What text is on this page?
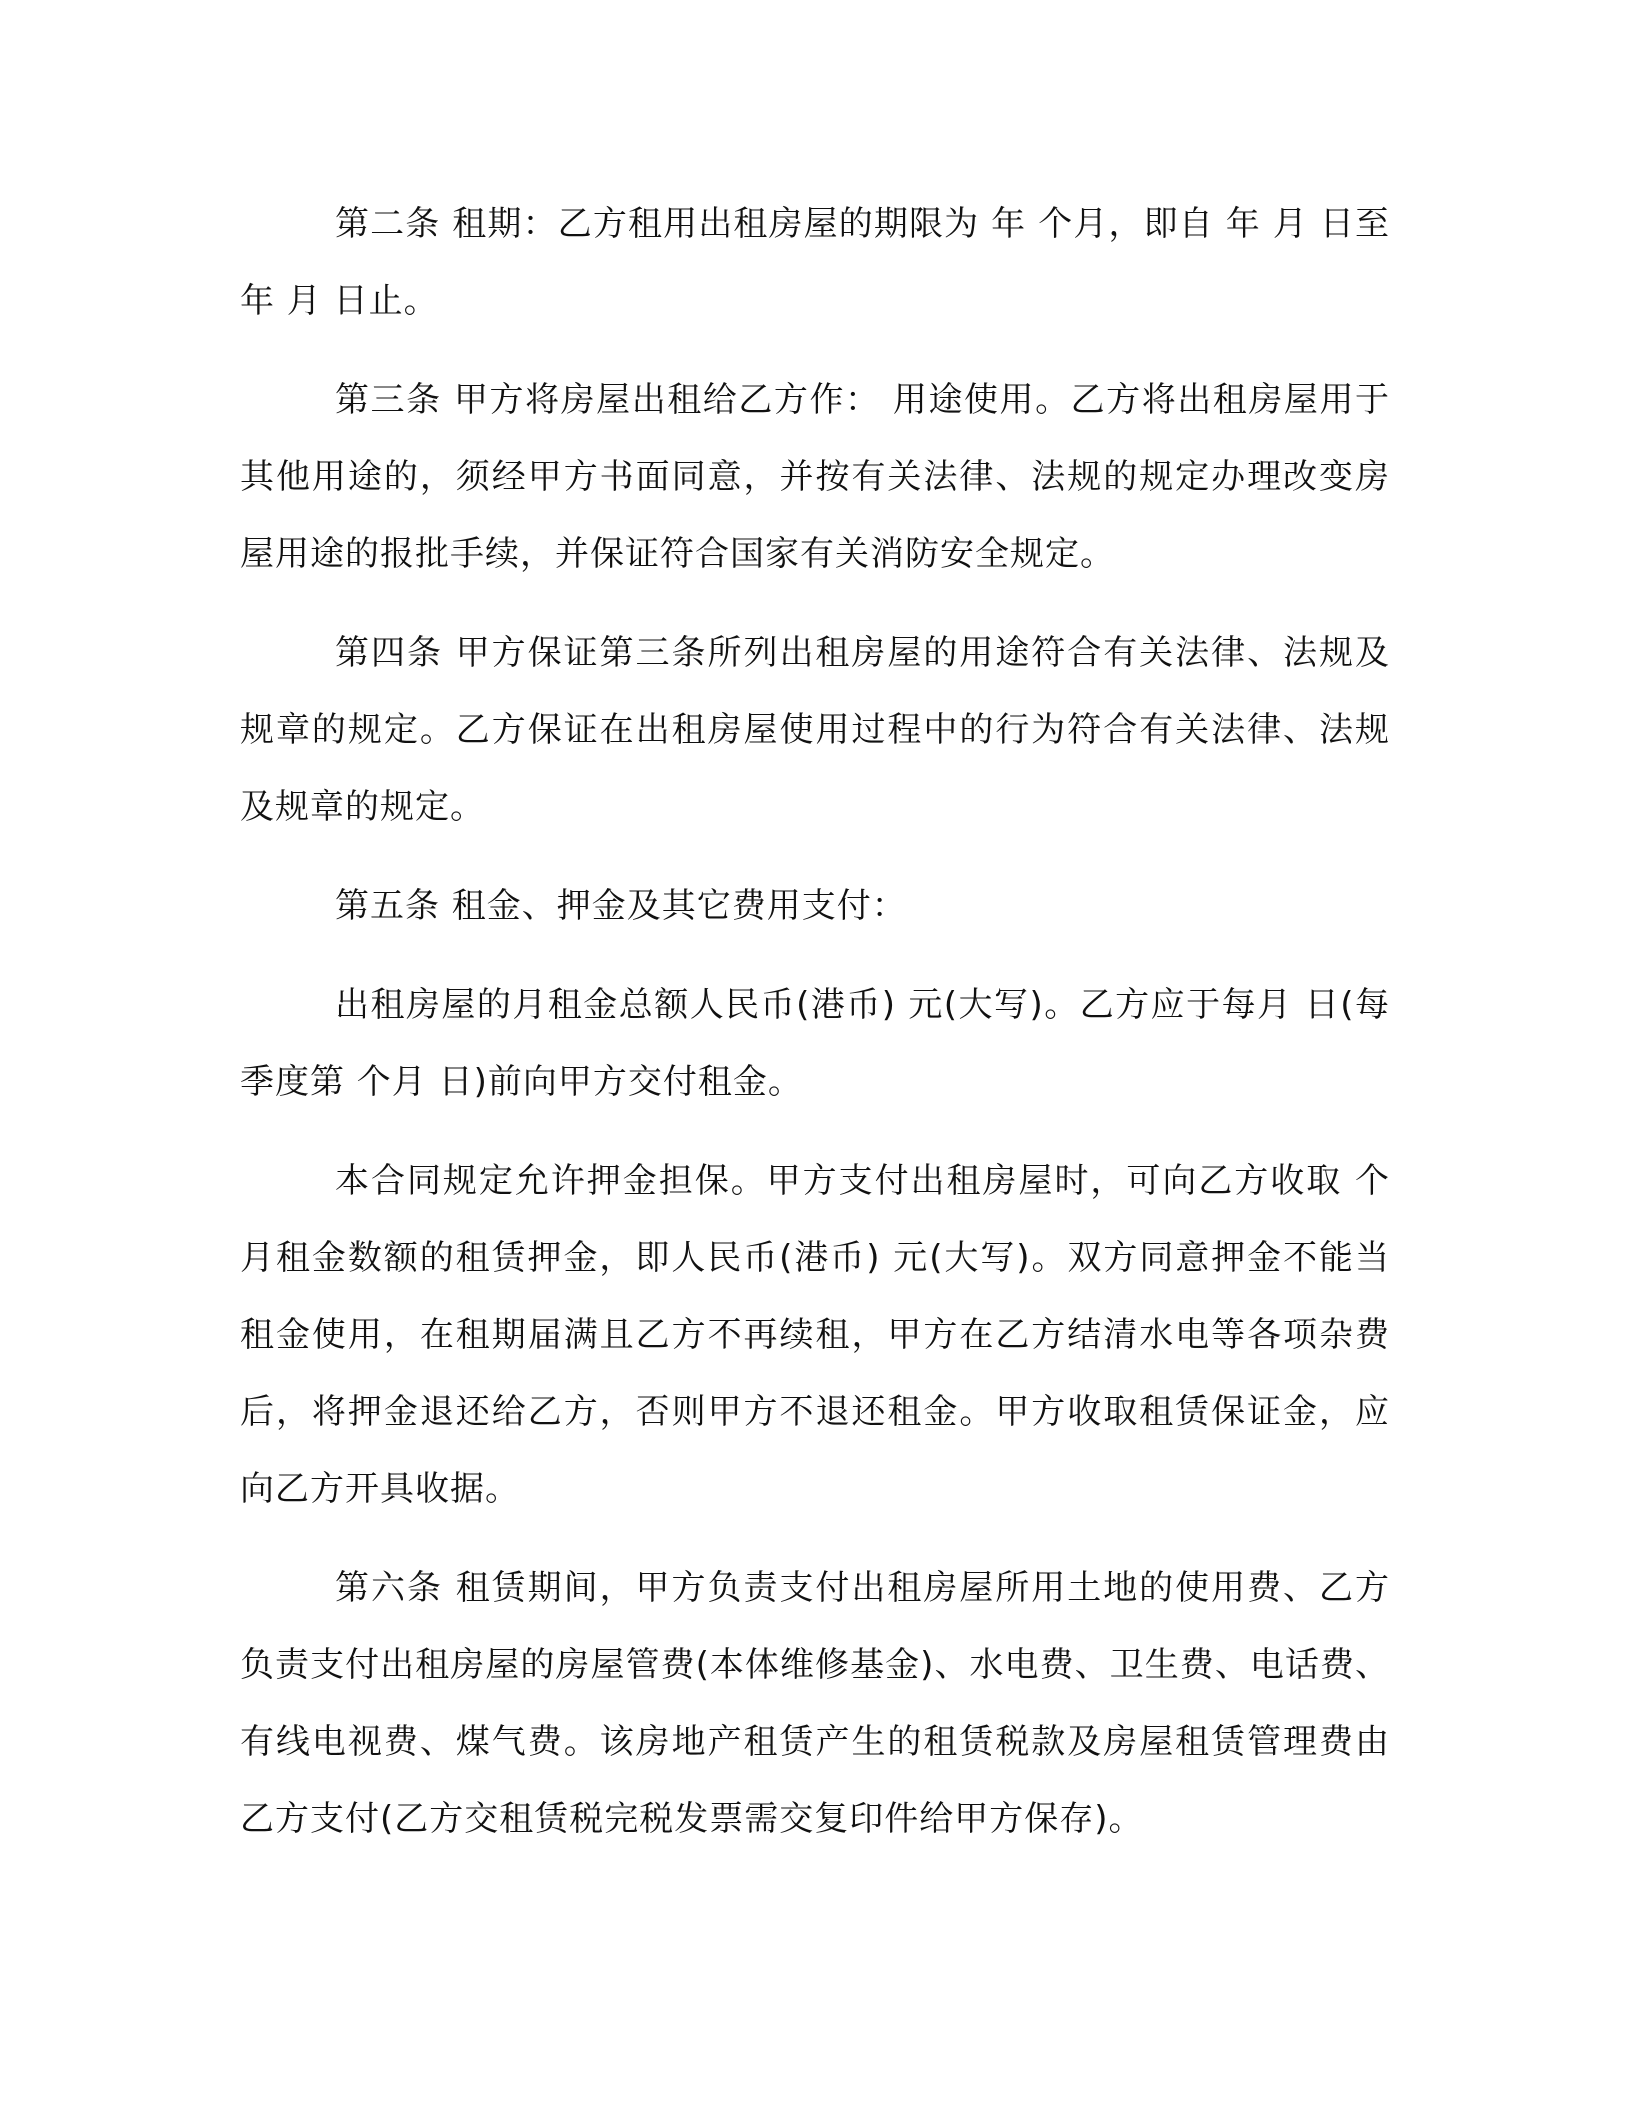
第二条 租期：乙方租用出租房屋的期限为 年 个月，即自 年 月 日至 年 月 日止。

第三条 甲方将房屋出租给乙方作： 用途使用。乙方将出租房屋用于其他用途的，须经甲方书面同意，并按有关法律、法规的规定办理改变房屋用途的报批手续，并保证符合国家有关消防安全规定。

第四条 甲方保证第三条所列出租房屋的用途符合有关法律、法规及规章的规定。乙方保证在出租房屋使用过程中的行为符合有关法律、法规及规章的规定。

第五条 租金、押金及其它费用支付：

出租房屋的月租金总额人民币(港币) 元(大写)。乙方应于每月 日(每季度第 个月 日)前向甲方交付租金。

本合同规定允许押金担保。甲方支付出租房屋时，可向乙方收取 个月租金数额的租赁押金，即人民币(港币) 元(大写)。双方同意押金不能当租金使用，在租期届满且乙方不再续租，甲方在乙方结清水电等各项杂费后，将押金退还给乙方，否则甲方不退还租金。甲方收取租赁保证金，应向乙方开具收据。

第六条 租赁期间，甲方负责支付出租房屋所用土地的使用费、乙方负责支付出租房屋的房屋管费(本体维修基金)、水电费、卫生费、电话费、有线电视费、煤气费。该房地产租赁产生的租赁税款及房屋租赁管理费由乙方支付(乙方交租赁税完税发票需交复印件给甲方保存)。
